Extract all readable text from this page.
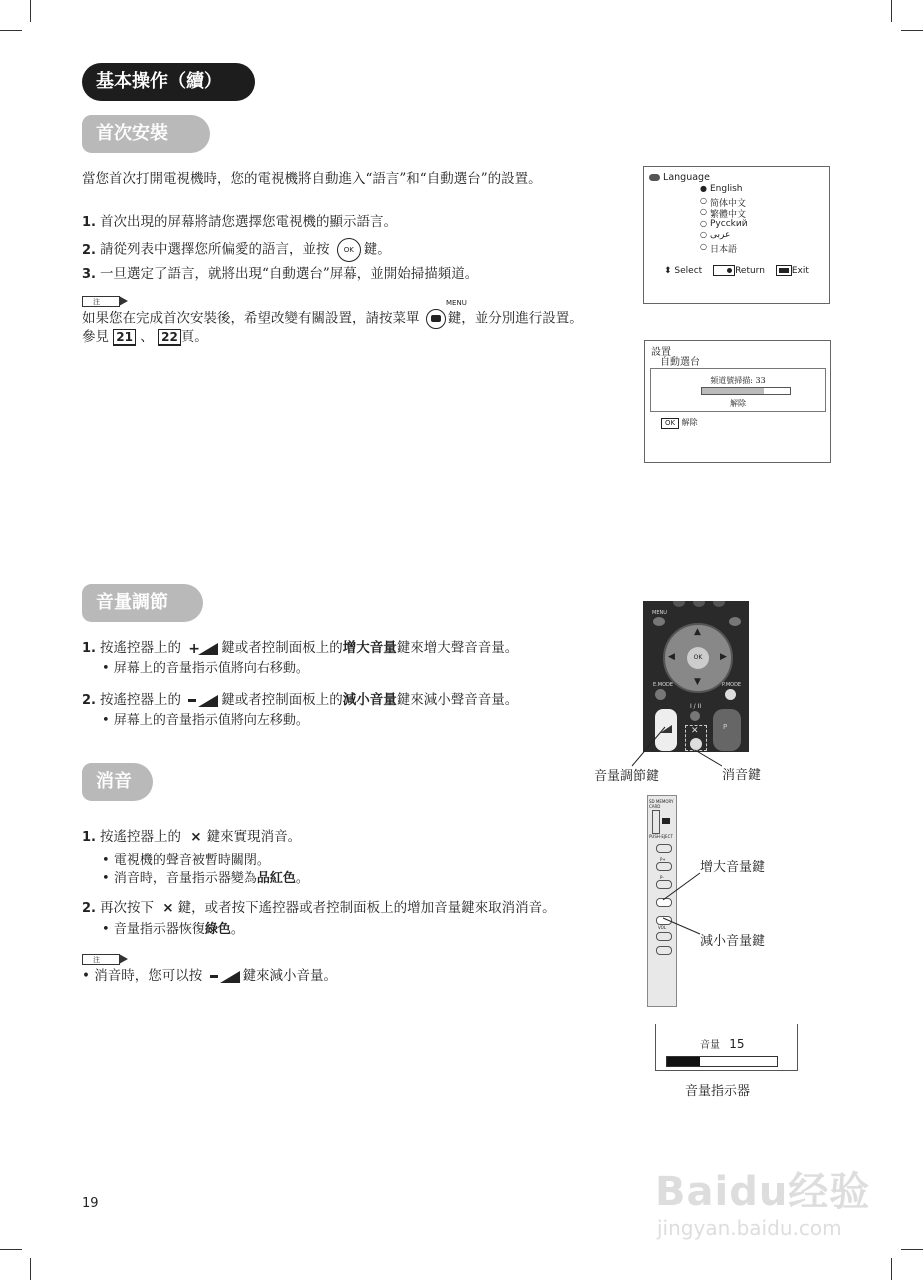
基本操作（續）
首次安裝
當您首次打開電視機時，您的電視機將自動進入“語言”和“自動選台”的設置。
1. 首次出現的屏幕將請您選擇您電視機的顯示語言。
2. 請從列表中選擇您所偏愛的語言，並按 OK 鍵。
3. 一旦選定了語言，就將出現“自動選台”屏幕，並開始掃描頻道。
注	MENU
如果您在完成首次安裝後，希望改變有關設置，請按菜單 鍵，並分別進行設置。
參見 21 、 22 頁。
Language
● English
○ 简体中文
○ 繁體中文
○ Pycckий
○ عربى
○ 日本語
⬍ Select	Return	Exit
設置
自動選台
頻道號掃描: 33
解除
OK 解除
音量調節
1. 按遙控器上的 + 鍵或者控制面板上的增大音量鍵來增大聲音音量。
• 屏幕上的音量指示值將向右移動。
2. 按遙控器上的	鍵或者控制面板上的減小音量鍵來減小聲音音量。
• 屏幕上的音量指示值將向左移動。
MENU
▲
▼
◀	▶
OK
E.MODE	P.MODE
I / II
P
✕
音量調節鍵	消音鍵
消音
1. 按遙控器上的 ⨯ 鍵來實現消音。
• 電視機的聲音被暫時關閉。
• 消音時，音量指示器變為品紅色。
2. 再次按下 ⨯ 鍵，或者按下遙控器或者控制面板上的增加音量鍵來取消消音。
• 音量指示器恢復綠色。
注
• 消音時，您可以按	鍵來減小音量。
SD MEMORY CARD
PUSH-EJECT
P+
P-
VOL
增大音量鍵
減小音量鍵
音量 15
音量指示器
19	Baidu经验
jingyan.baidu.com
